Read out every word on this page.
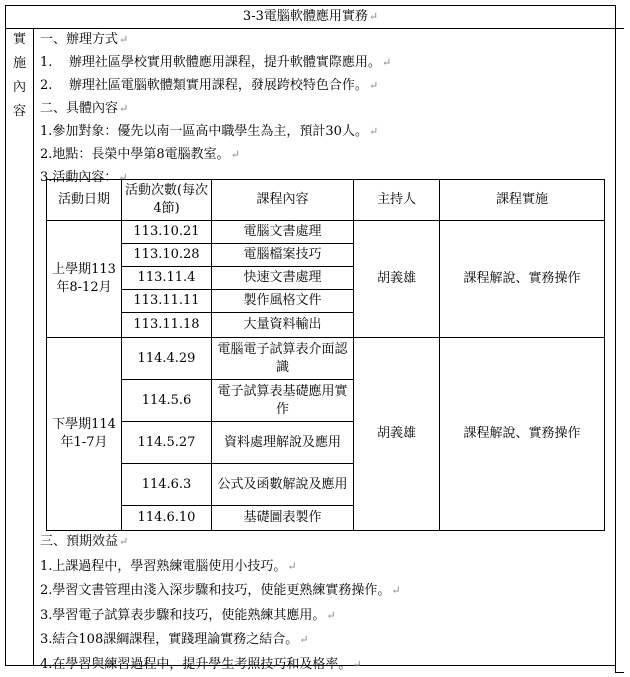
3-3電腦軟體應用實務↵
實
施
內
容
一、辦理方式↵
1.    辦理社區學校實用軟體應用課程，提升軟體實際應用。↵
2.    辦理社區電腦軟體類實用課程，發展跨校特色合作。↵
二、具體內容↵
1.參加對象：優先以南一區高中職學生為主，預計30人。↵
2.地點：長榮中學第8電腦教室。↵
3.活動內容：↵
活動日期	活動次數(每次4節)	課程內容	主持人	課程實施
上學期113年8-12月	113.10.21	電腦文書處理	胡義雄	課程解說、實務操作
	113.10.28	電腦檔案技巧		
	113.11.4	快速文書處理		
	113.11.11	製作風格文件		
	113.11.18	大量資料輸出		
下學期114年1-7月	114.4.29	電腦電子試算表介面認識	胡義雄	課程解說、實務操作
	114.5.6	電子試算表基礎應用實作		
	114.5.27	資料處理解說及應用		
	114.6.3	公式及函數解說及應用		
	114.6.10	基礎圖表製作		
三、預期效益↵
1.上課過程中，學習熟練電腦使用小技巧。↵
2.學習文書管理由淺入深步驟和技巧，使能更熟練實務操作。↵
3.學習電子試算表步驟和技巧，使能熟練其應用。↵
3.結合108課綱課程，實踐理論實務之結合。↵
4.在學習與練習過程中，提升學生考照技巧和及格率。↵
